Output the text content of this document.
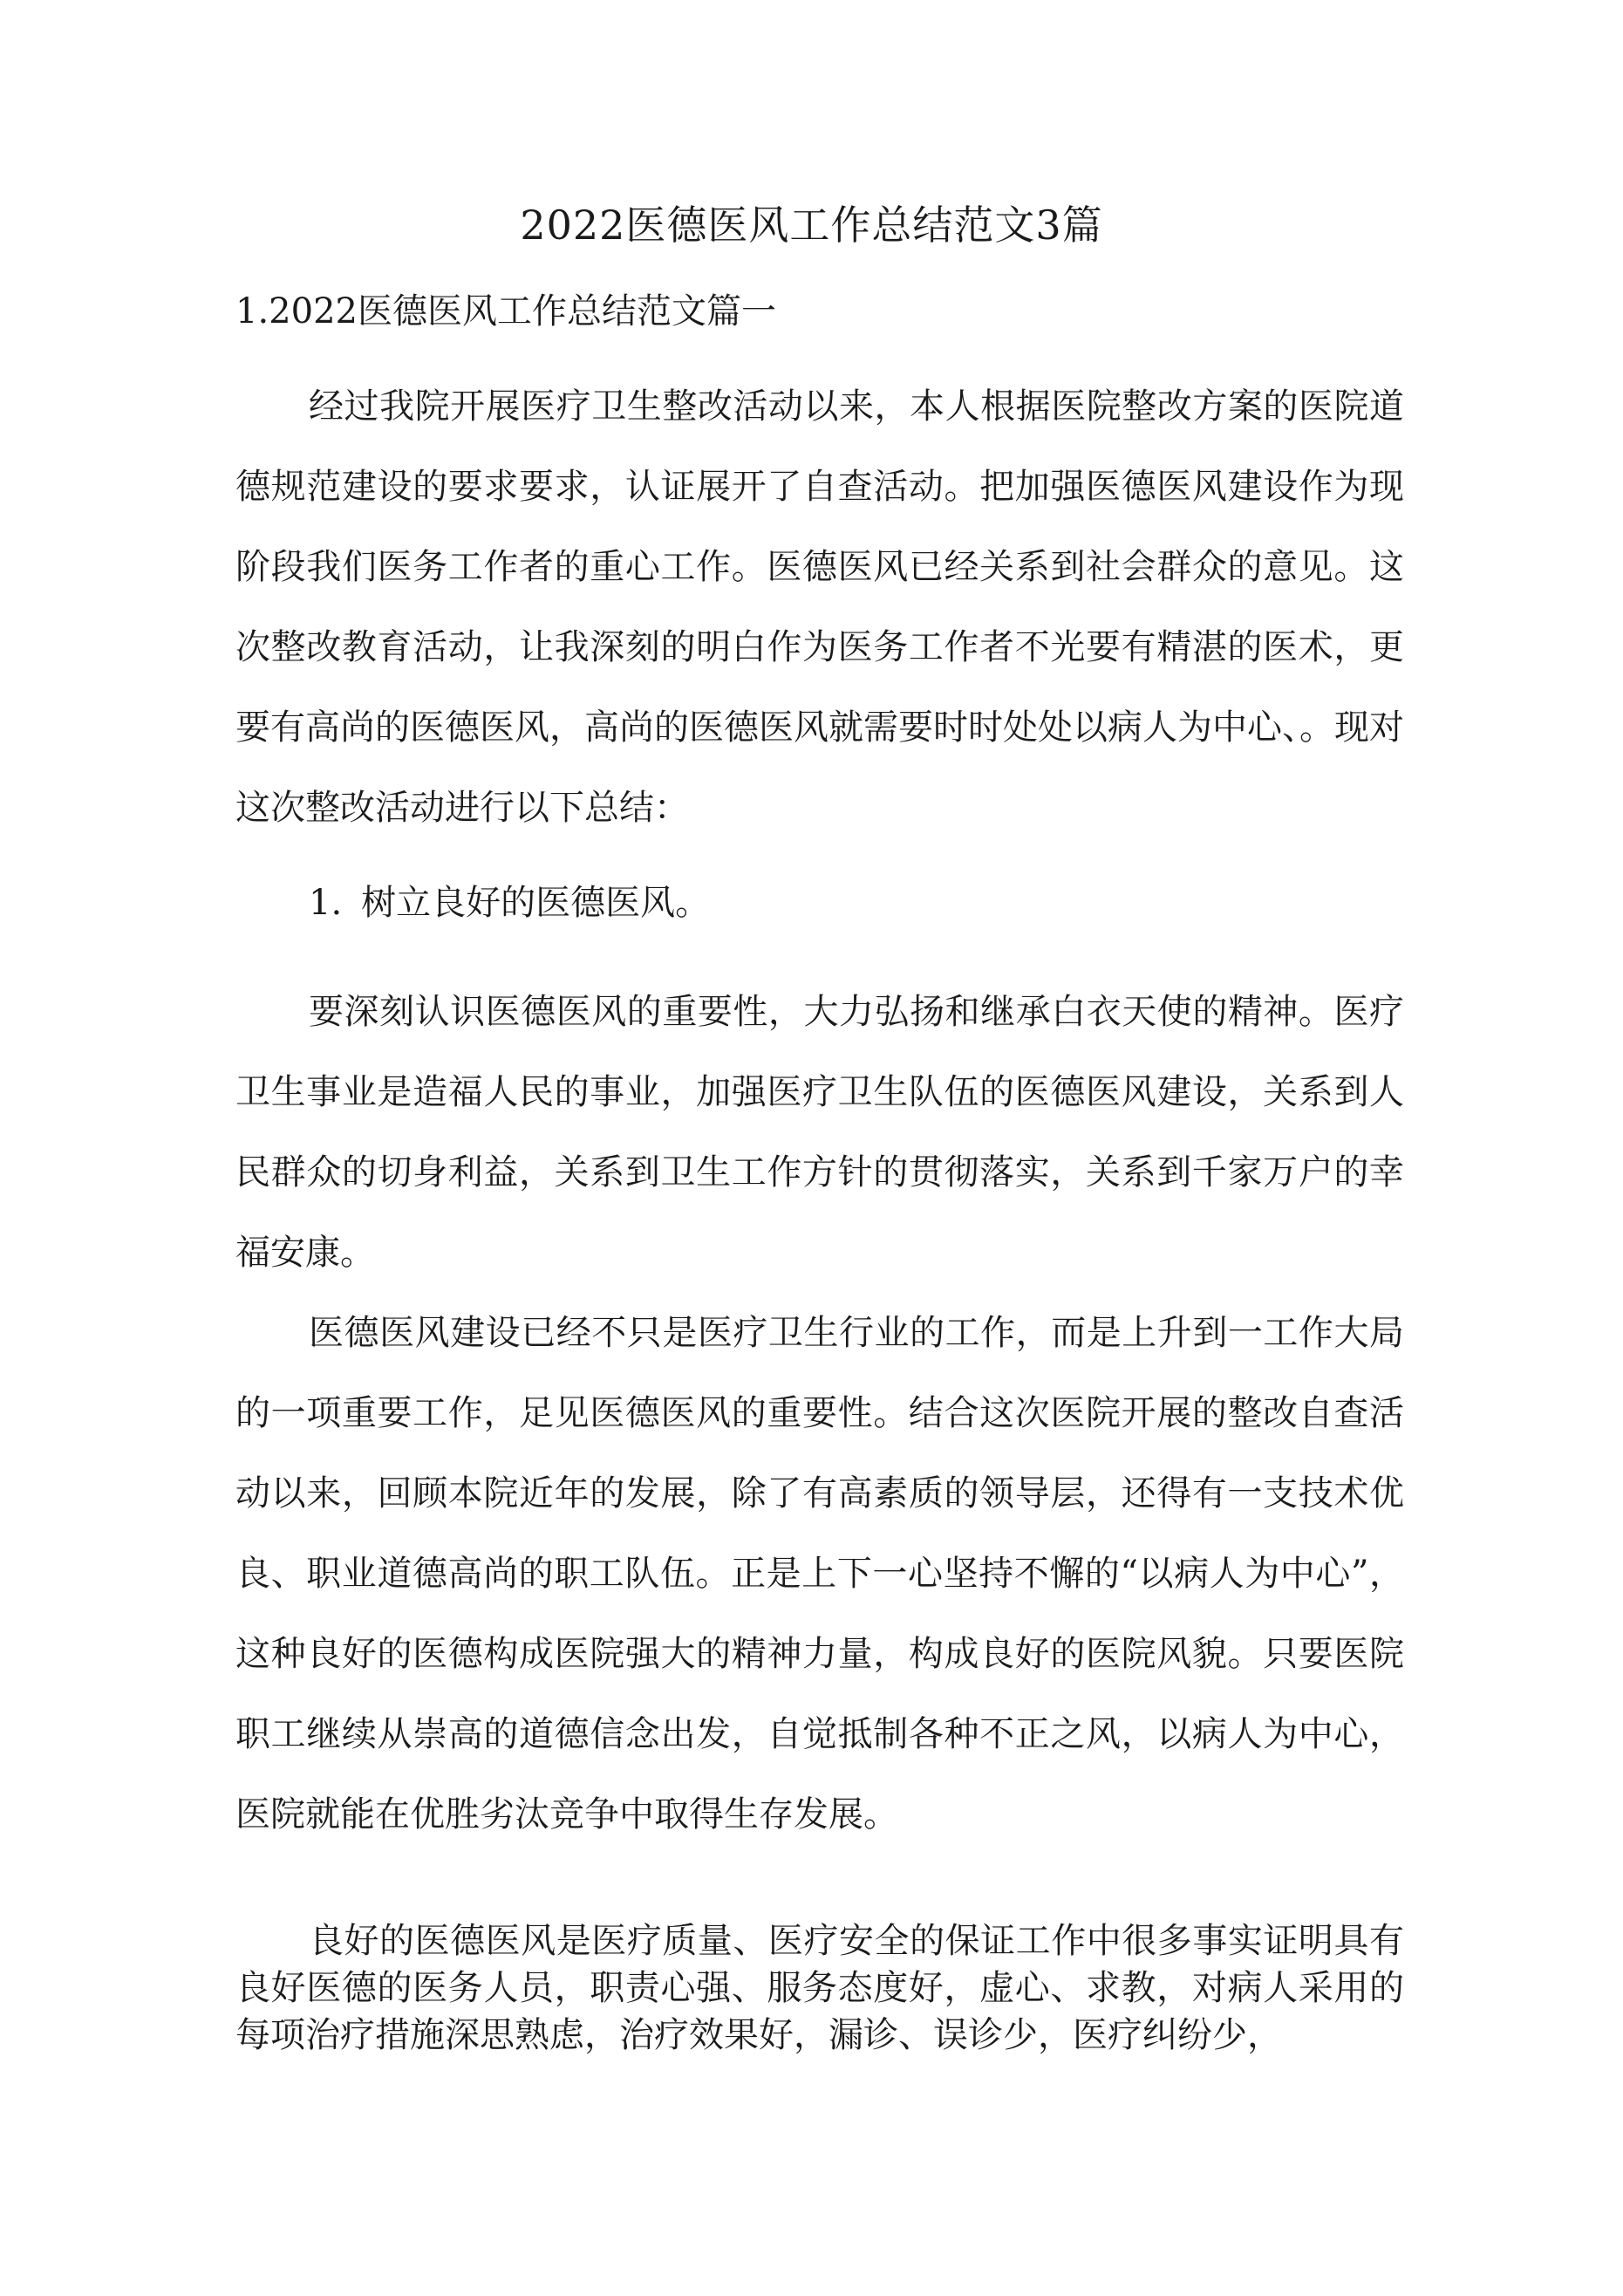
2022医德医风工作总结范文3篇
1.2022医德医风工作总结范文篇一

经过我院开展医疗卫生整改活动以来，本人根据医院整改方案的医院道德规范建设的要求要求，认证展开了自查活动。把加强医德医风建设作为现阶段我们医务工作者的重心工作。医德医风已经关系到社会群众的意见。这次整改教育活动，让我深刻的明白作为医务工作者不光要有精湛的医术，更要有高尚的医德医风，高尚的医德医风就需要时时处处以病人为中心、。现对这次整改活动进行以下总结：

1. 树立良好的医德医风。

要深刻认识医德医风的重要性，大力弘扬和继承白衣天使的精神。医疗卫生事业是造福人民的事业，加强医疗卫生队伍的医德医风建设，关系到人民群众的切身利益，关系到卫生工作方针的贯彻落实，关系到千家万户的幸福安康。

医德医风建设已经不只是医疗卫生行业的工作，而是上升到一工作大局的一项重要工作，足见医德医风的重要性。结合这次医院开展的整改自查活动以来，回顾本院近年的发展，除了有高素质的领导层，还得有一支技术优良、职业道德高尚的职工队伍。正是上下一心坚持不懈的“以病人为中心”，这种良好的医德构成医院强大的精神力量，构成良好的医院风貌。只要医院职工继续从崇高的道德信念出发，自觉抵制各种不正之风，以病人为中心，医院就能在优胜劣汰竞争中取得生存发展。

良好的医德医风是医疗质量、医疗安全的保证工作中很多事实证明具有良好医德的医务人员，职责心强、服务态度好，虚心、求教，对病人采用的每项治疗措施深思熟虑，治疗效果好，漏诊、误诊少，医疗纠纷少，
